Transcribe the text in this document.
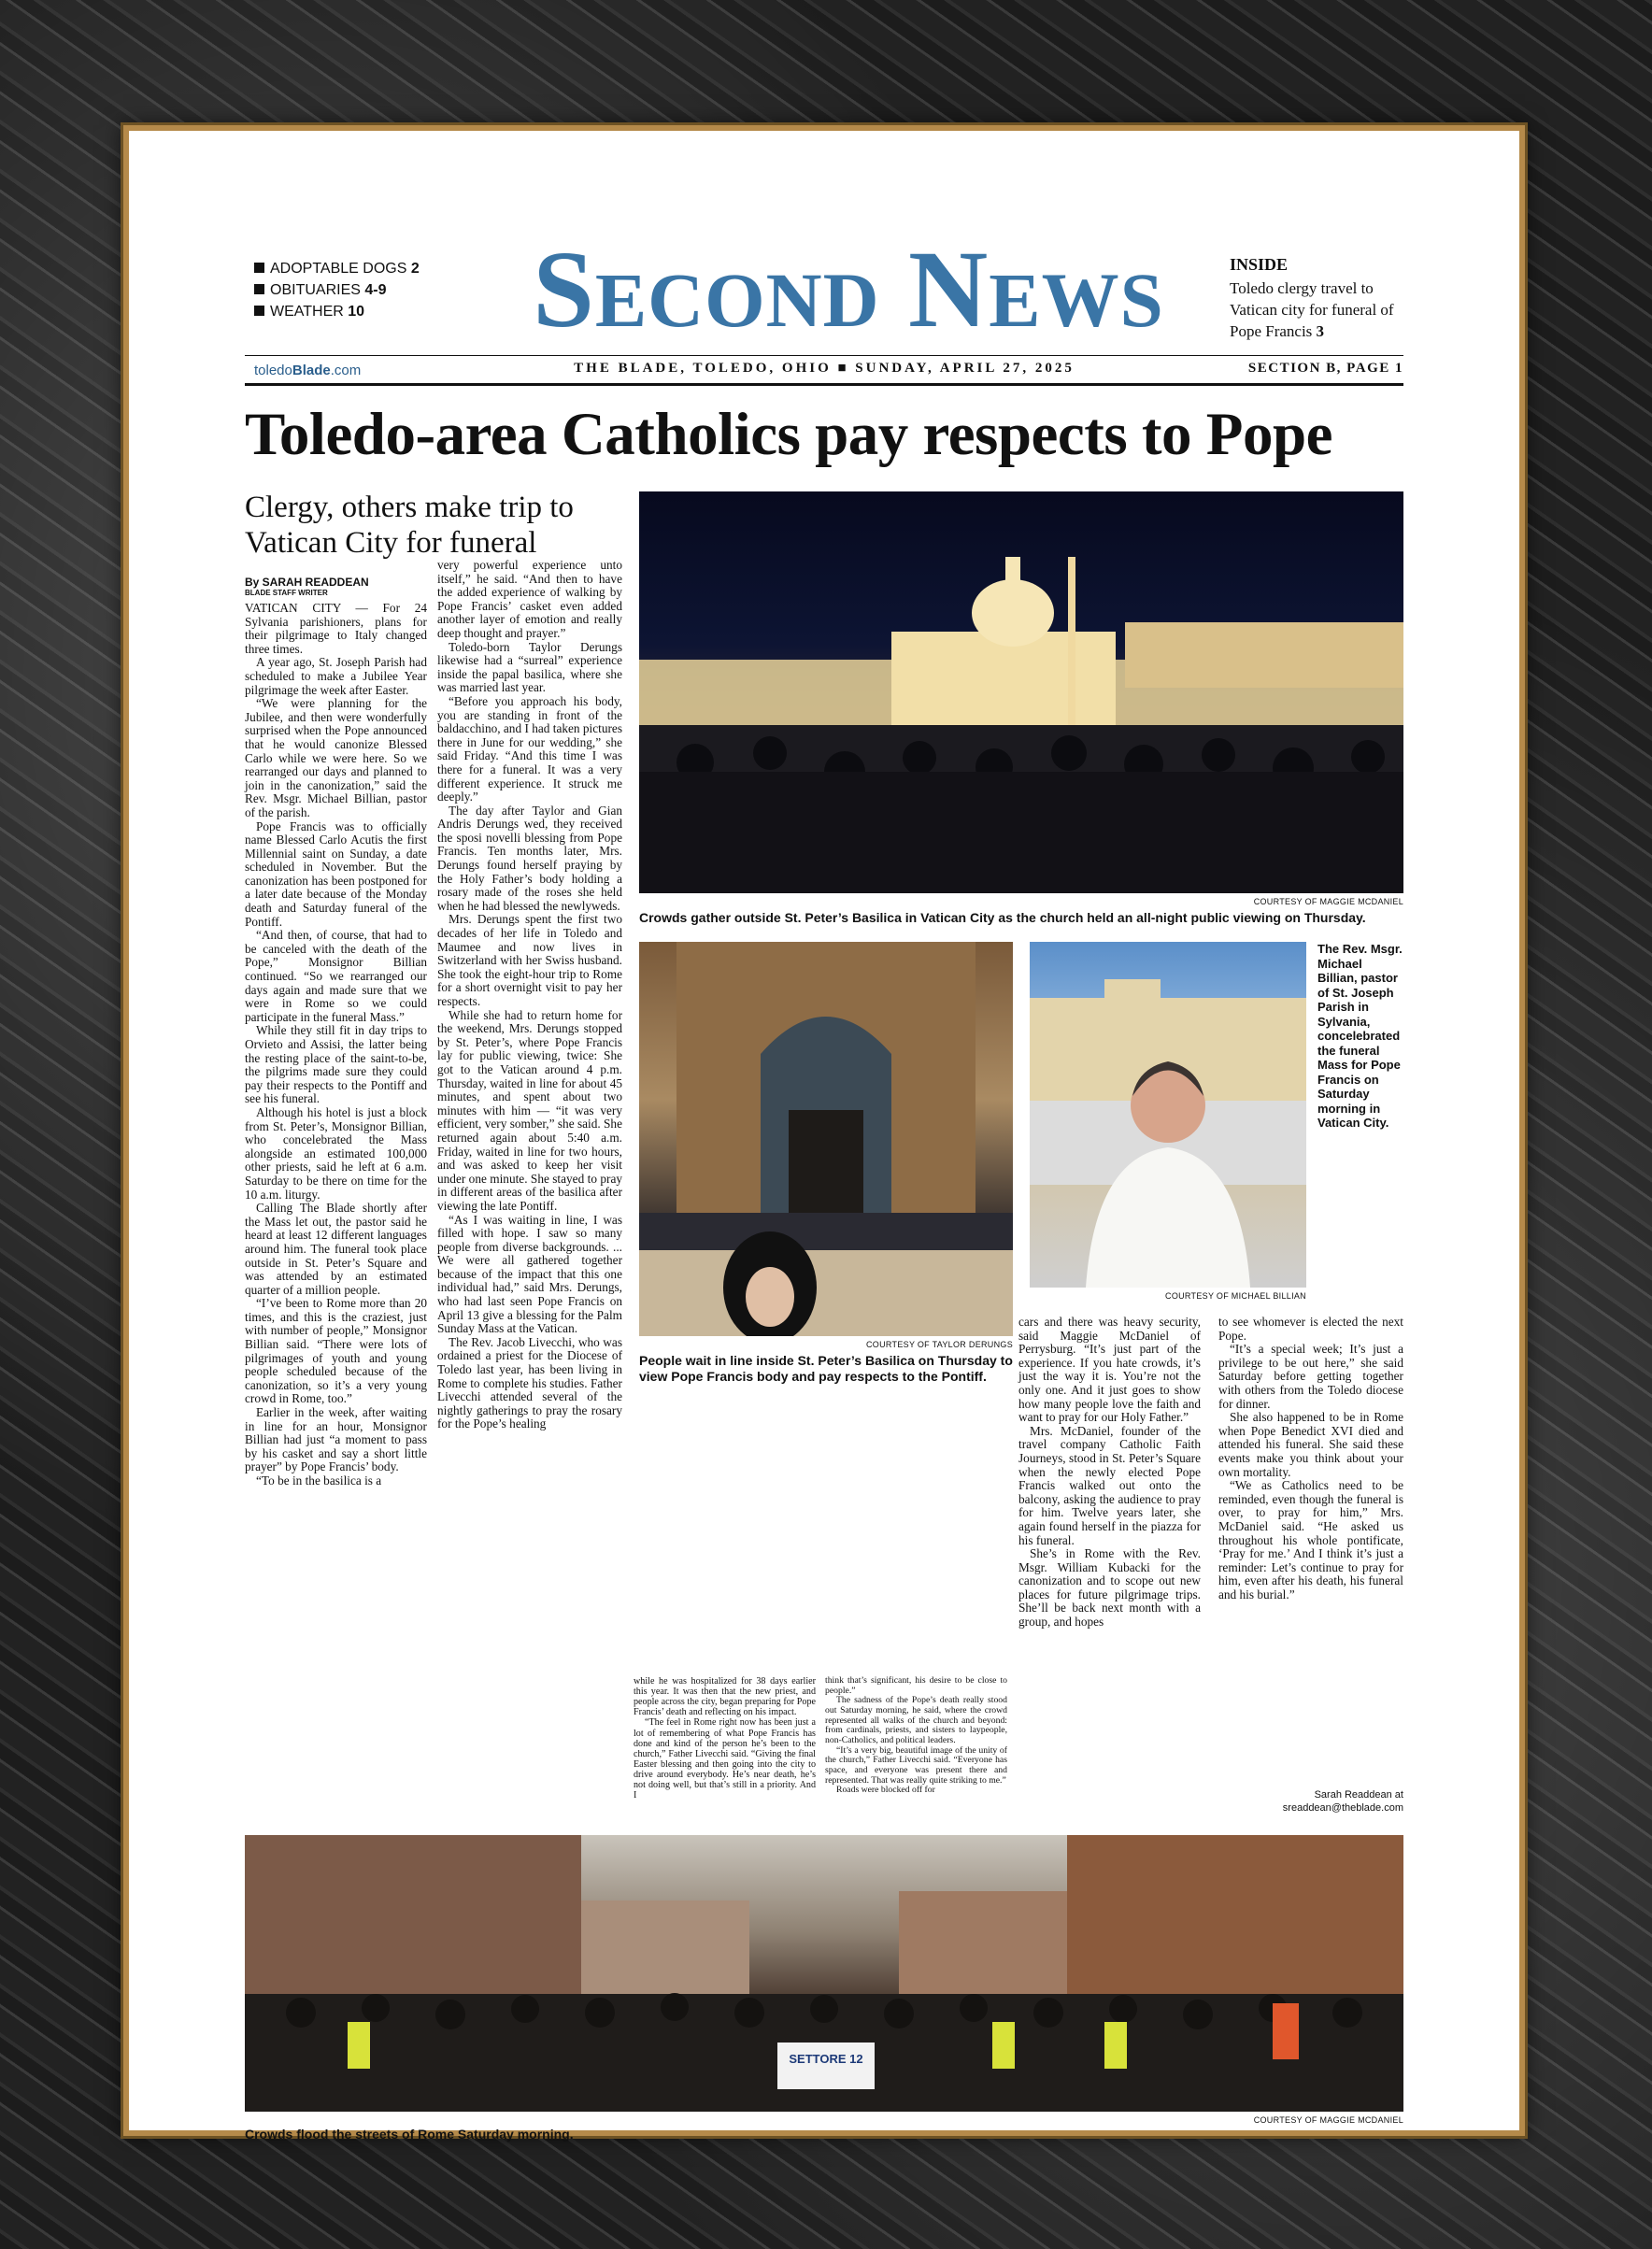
ADOPTABLE DOGS 2
OBITUARIES 4-9
WEATHER 10
toledoBlade.com
Second News	INSIDE
Toledo clergy travel to Vatican city for funeral of Pope Francis 3
THE BLADE, TOLEDO, OHIO ■ SUNDAY, APRIL 27, 2025	SECTION B, PAGE 1
Toledo-area Catholics pay respects to Pope
Clergy, others make trip to Vatican City for funeral
By SARAH READDEAN
BLADE STAFF WRITER

VATICAN CITY — For 24 Sylvania parishioners, plans for their pilgrimage to Italy changed three times.

A year ago, St. Joseph Parish had scheduled to make a Jubilee Year pilgrimage the week after Easter.

“We were planning for the Jubilee, and then were wonderfully surprised when the Pope announced that he would canonize Blessed Carlo while we were here. So we rearranged our days and planned to join in the canonization,” said the Rev. Msgr. Michael Billian, pastor of the parish.

Pope Francis was to officially name Blessed Carlo Acutis the first Millennial saint on Sunday, a date scheduled in November. But the canonization has been postponed for a later date because of the Monday death and Saturday funeral of the Pontiff.

“And then, of course, that had to be canceled with the death of the Pope,” Monsignor Billian continued. “So we rearranged our days again and made sure that we were in Rome so we could participate in the funeral Mass.”

While they still fit in day trips to Orvieto and Assisi, the latter being the resting place of the saint-to-be, the pilgrims made sure they could pay their respects to the Pontiff and see his funeral.

Although his hotel is just a block from St. Peter’s, Monsignor Billian, who concelebrated the Mass alongside an estimated 100,000 other priests, said he left at 6 a.m. Saturday to be there on time for the 10 a.m. liturgy.

Calling The Blade shortly after the Mass let out, the pastor said he heard at least 12 different languages around him. The funeral took place outside in St. Peter’s Square and was attended by an estimated quarter of a million people.

“I’ve been to Rome more than 20 times, and this is the craziest, just with number of people,” Monsignor Billian said. “There were lots of pilgrimages of youth and young people scheduled because of the canonization, so it’s a very young crowd in Rome, too.”

Earlier in the week, after waiting in line for an hour, Monsignor Billian had just “a moment to pass by his casket and say a short little prayer” by Pope Francis’ body.

“To be in the basilica is a

very powerful experience unto itself,” he said. “And then to have the added experience of walking by Pope Francis’ casket even added another layer of emotion and really deep thought and prayer.”

Toledo-born Taylor Derungs likewise had a “surreal” experience inside the papal basilica, where she was married last year.

“Before you approach his body, you are standing in front of the baldacchino, and I had taken pictures there in June for our wedding,” she said Friday. “And this time I was there for a funeral. It was a very different experience. It struck me deeply.”

The day after Taylor and Gian Andris Derungs wed, they received the sposi novelli blessing from Pope Francis. Ten months later, Mrs. Derungs found herself praying by the Holy Father’s body holding a rosary made of the roses she held when he had blessed the newlyweds.

Mrs. Derungs spent the first two decades of her life in Toledo and Maumee and now lives in Switzerland with her Swiss husband. She took the eight-hour trip to Rome for a short overnight visit to pay her respects.

While she had to return home for the weekend, Mrs. Derungs stopped by St. Peter’s, where Pope Francis lay for public viewing, twice: She got to the Vatican around 4 p.m. Thursday, waited in line for about 45 minutes, and spent about two minutes with him — “it was very efficient, very somber,” she said. She returned again about 5:40 a.m. Friday, waited in line for two hours, and was asked to keep her visit under one minute. She stayed to pray in different areas of the basilica after viewing the late Pontiff.

“As I was waiting in line, I was filled with hope. I saw so many people from diverse backgrounds. ... We were all gathered together because of the impact that this one individual had,” said Mrs. Derungs, who had last seen Pope Francis on April 13 give a blessing for the Palm Sunday Mass at the Vatican.

The Rev. Jacob Livecchi, who was ordained a priest for the Diocese of Toledo last year, has been living in Rome to complete his studies. Father Livecchi attended several of the nightly gatherings to pray the rosary for the Pope’s healing

while he was hospitalized for 38 days earlier this year. It was then that the new priest, and people across the city, began preparing for Pope Francis’ death and reflecting on his impact.

“The feel in Rome right now has been just a lot of remembering of what Pope Francis has done and kind of the person he’s been to the church,” Father Livecchi said. “Giving the final Easter blessing and then going into the city to drive around everybody. He’s near death, he’s not doing well, but that’s still in a priority. And I

think that’s significant, his desire to be close to people.”

The sadness of the Pope’s death really stood out Saturday morning, he said, where the crowd represented all walks of the church and beyond: from cardinals, priests, and sisters to laypeople, non-Catholics, and political leaders.

“It’s a very big, beautiful image of the unity of the church,” Father Livecchi said. “Everyone has space, and everyone was present there and represented. That was really quite striking to me.”

Roads were blocked off for

cars and there was heavy security, said Maggie McDaniel of Perrysburg. “It’s just part of the experience. If you hate crowds, it’s just the way it is. You’re not the only one. And it just goes to show how many people love the faith and want to pray for our Holy Father.”

Mrs. McDaniel, founder of the travel company Catholic Faith Journeys, stood in St. Peter’s Square when the newly elected Pope Francis walked out onto the balcony, asking the audience to pray for him. Twelve years later, she again found herself in the piazza for his funeral.

She’s in Rome with the Rev. Msgr. William Kubacki for the canonization and to scope out new places for future pilgrimage trips. She’ll be back next month with a group, and hopes

to see whomever is elected the next Pope.

“It’s a special week; It’s just a privilege to be out here,” she said Saturday before getting together with others from the Toledo diocese for dinner.

She also happened to be in Rome when Pope Benedict XVI died and attended his funeral. She said these events make you think about your own mortality.

“We as Catholics need to be reminded, even though the funeral is over, to pray for him,” Mrs. McDaniel said. “He asked us throughout his whole pontificate, ‘Pray for me.’ And I think it’s just a reminder: Let’s continue to pray for him, even after his death, his funeral and his burial.”

Sarah Readdean at
sreaddean@theblade.com
COURTESY OF MAGGIE MCDANIEL
Crowds gather outside St. Peter’s Basilica in Vatican City as the church held an all-night public viewing on Thursday.
COURTESY OF TAYLOR DERUNGS
People wait in line inside St. Peter’s Basilica on Thursday to view Pope Francis body and pay respects to the Pontiff.
COURTESY OF MICHAEL BILLIAN
The Rev. Msgr. Michael Billian, pastor of St. Joseph Parish in Sylvania, concelebrated the funeral Mass for Pope Francis on Saturday morning in Vatican City.
SETTORE 12
COURTESY OF MAGGIE MCDANIEL
Crowds flood the streets of Rome Saturday morning.
